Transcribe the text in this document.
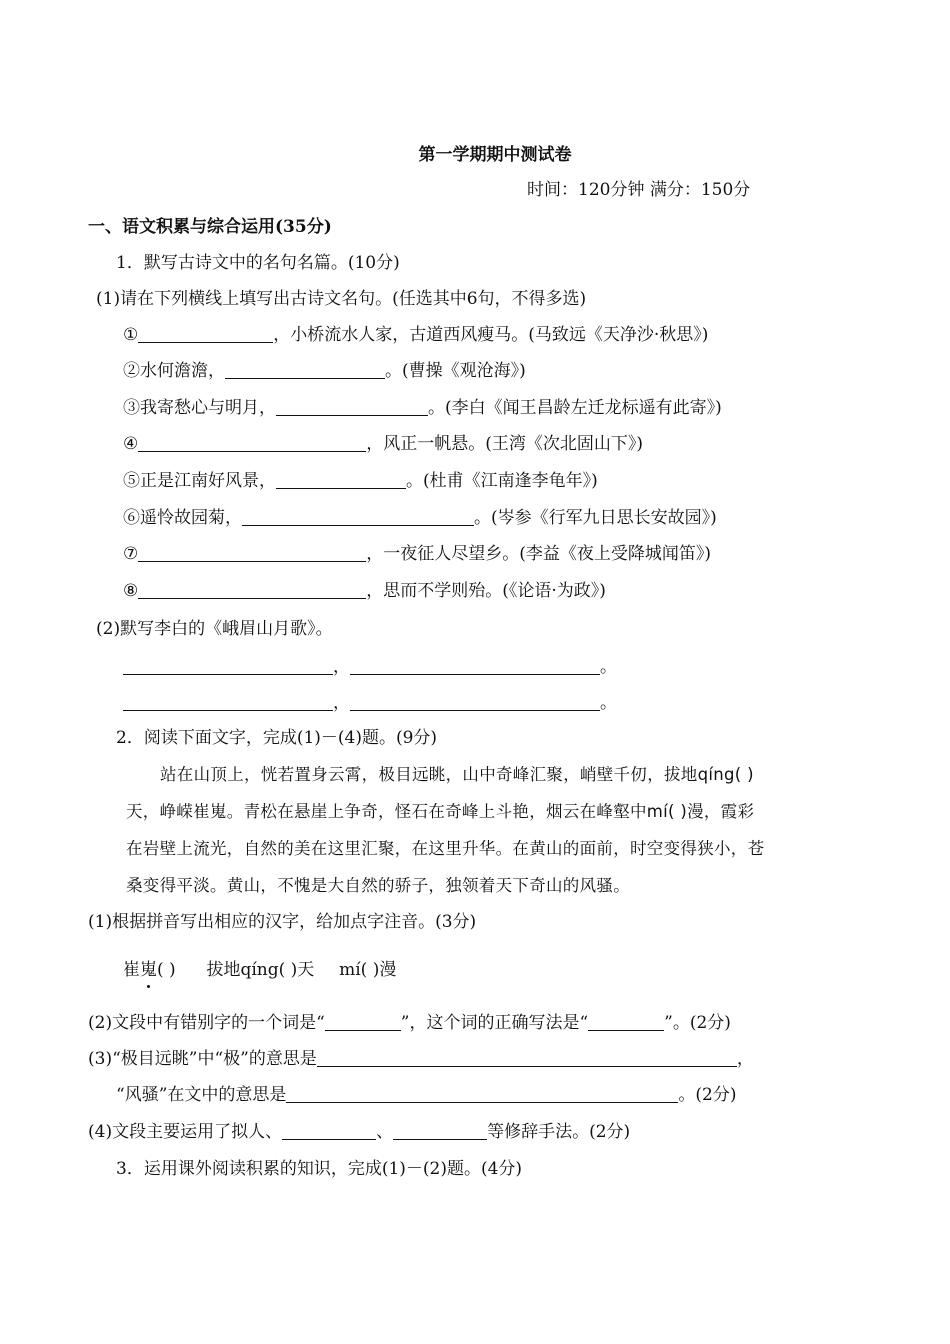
第一学期期中测试卷
时间：120分钟 满分：150分
一、语文积累与综合运用(35分)
1．默写古诗文中的名句名篇。(10分)
(1)请在下列横线上填写出古诗文名句。(任选其中6句，不得多选)
①	，小桥流水人家，古道西风瘦马。(马致远《天净沙·秋思》)
②水何澹澹，	。(曹操《观沧海》)
③我寄愁心与明月，	。(李白《闻王昌龄左迁龙标遥有此寄》)
④	，风正一帆悬。(王湾《次北固山下》)
⑤正是江南好风景，	。(杜甫《江南逢李龟年》)
⑥遥怜故园菊，	。(岑参《行军九日思长安故园》)
⑦	，一夜征人尽望乡。(李益《夜上受降城闻笛》)
⑧	，思而不学则殆。(《论语·为政》)
(2)默写李白的《峨眉山月歌》。
，	。
，	。
2．阅读下面文字，完成(1)－(4)题。(9分)
站在山顶上，恍若置身云霄，极目远眺，山中奇峰汇聚，峭壁千仞，拔地qíng( )
天，峥嵘崔嵬。青松在悬崖上争奇，怪石在奇峰上斗艳，烟云在峰壑中mí( )漫，霞彩
在岩壁上流光，自然的美在这里汇聚，在这里升华。在黄山的面前，时空变得狭小，苍
桑变得平淡。黄山，不愧是大自然的骄子，独领着天下奇山的风骚。
(1)根据拼音写出相应的汉字，给加点字注音。(3分)
崔嵬( ) 拔地qíng( )天 mí( )漫
(2)文段中有错别字的一个词是“	”，这个词的正确写法是“	”。(2分)
(3)“极目远眺”中“极”的意思是	，
“风骚”在文中的意思是	。(2分)
(4)文段主要运用了拟人、	、	等修辞手法。(2分)
3．运用课外阅读积累的知识，完成(1)－(2)题。(4分)
